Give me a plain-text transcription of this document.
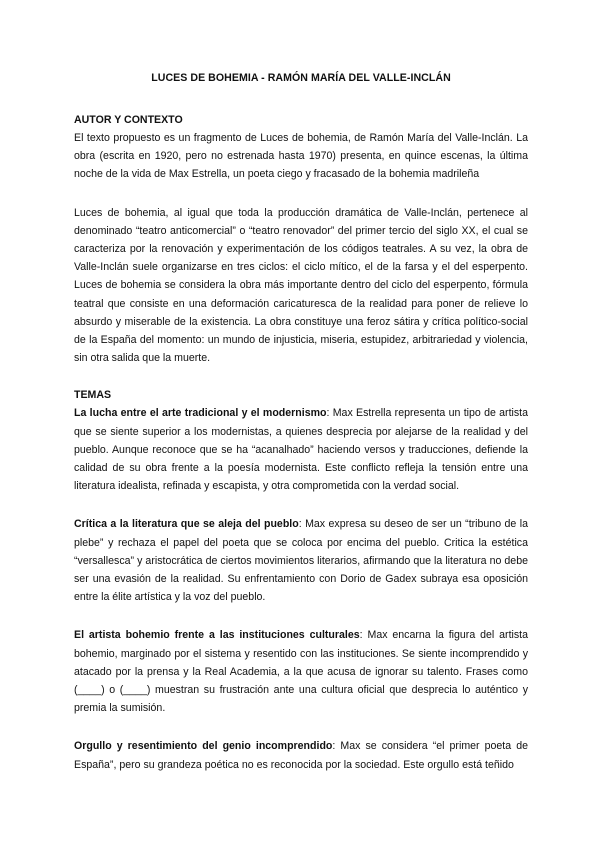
LUCES DE BOHEMIA - RAMÓN MARÍA DEL VALLE-INCLÁN
AUTOR Y CONTEXTO

El texto propuesto es un fragmento de Luces de bohemia, de Ramón María del Valle-Inclán. La obra (escrita en 1920, pero no estrenada hasta 1970) presenta, en quince escenas, la última noche de la vida de Max Estrella, un poeta ciego y fracasado de la bohemia madrileña

Luces de bohemia, al igual que toda la producción dramática de Valle-Inclán, pertenece al denominado “teatro anticomercial” o “teatro renovador” del primer tercio del siglo XX, el cual se caracteriza por la renovación y experimentación de los códigos teatrales. A su vez, la obra de Valle-Inclán suele organizarse en tres ciclos: el ciclo mítico, el de la farsa y el del esperpento. Luces de bohemia se considera la obra más importante dentro del ciclo del esperpento, fórmula teatral que consiste en una deformación caricaturesca de la realidad para poner de relieve lo absurdo y miserable de la existencia. La obra constituye una feroz sátira y crítica político-social de la España del momento: un mundo de injusticia, miseria, estupidez, arbitrariedad y violencia, sin otra salida que la muerte.

TEMAS

La lucha entre el arte tradicional y el modernismo: Max Estrella representa un tipo de artista que se siente superior a los modernistas, a quienes desprecia por alejarse de la realidad y del pueblo. Aunque reconoce que se ha “acanalhado” haciendo versos y traducciones, defiende la calidad de su obra frente a la poesía modernista. Este conflicto refleja la tensión entre una literatura idealista, refinada y escapista, y otra comprometida con la verdad social.

Crítica a la literatura que se aleja del pueblo: Max expresa su deseo de ser un “tribuno de la plebe” y rechaza el papel del poeta que se coloca por encima del pueblo. Critica la estética “versallesca” y aristocrática de ciertos movimientos literarios, afirmando que la literatura no debe ser una evasión de la realidad. Su enfrentamiento con Dorio de Gadex subraya esa oposición entre la élite artística y la voz del pueblo.

El artista bohemio frente a las instituciones culturales: Max encarna la figura del artista bohemio, marginado por el sistema y resentido con las instituciones. Se siente incomprendido y atacado por la prensa y la Real Academia, a la que acusa de ignorar su talento. Frases como (____) o (____) muestran su frustración ante una cultura oficial que desprecia lo auténtico y premia la sumisión.

Orgullo y resentimiento del genio incomprendido: Max se considera “el primer poeta de España”, pero su grandeza poética no es reconocida por la sociedad. Este orgullo está teñido
